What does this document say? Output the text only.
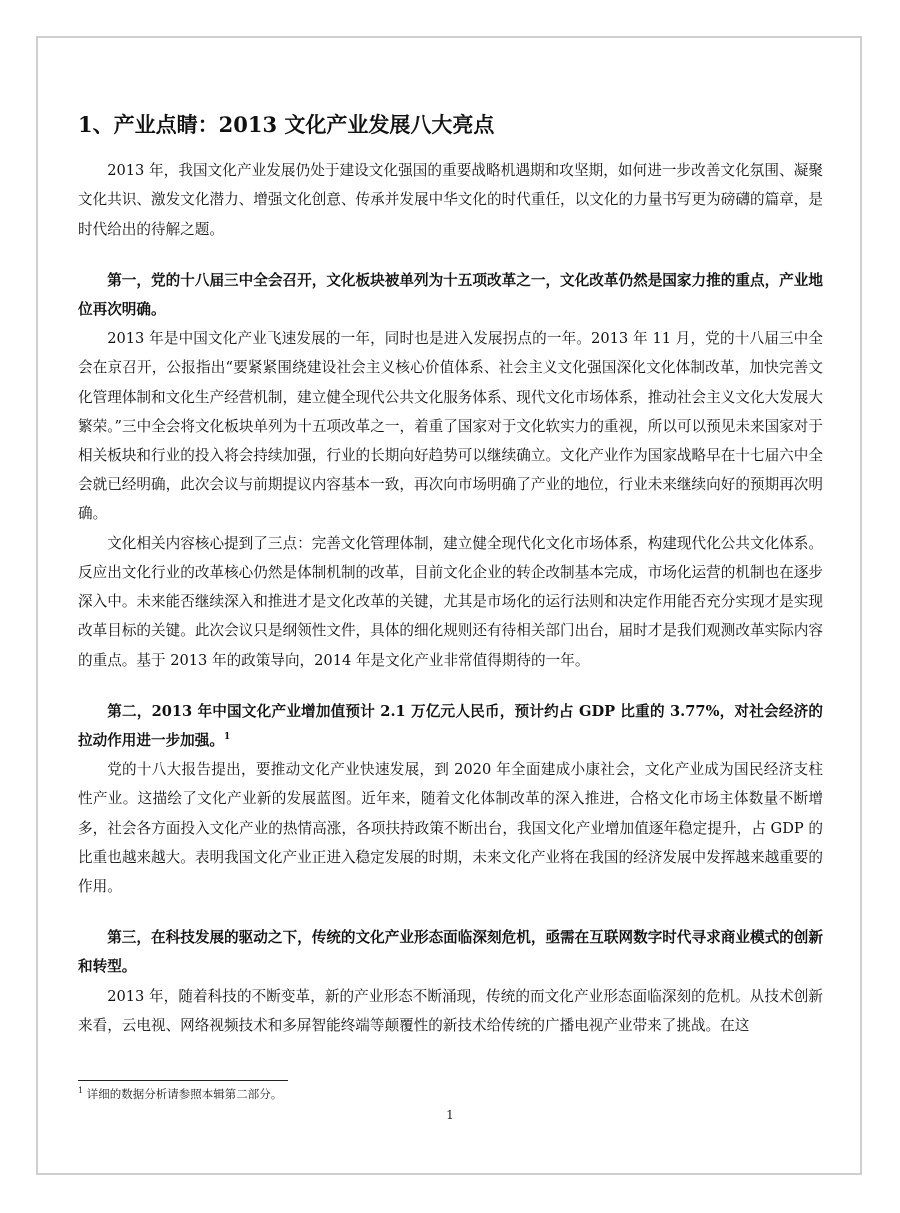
1、产业点睛：2013 文化产业发展八大亮点

2013 年，我国文化产业发展仍处于建设文化强国的重要战略机遇期和攻坚期，如何进一步改善文化氛围、凝聚文化共识、激发文化潜力、增强文化创意、传承并发展中华文化的时代重任，以文化的力量书写更为磅礴的篇章，是时代给出的待解之题。

第一，党的十八届三中全会召开，文化板块被单列为十五项改革之一，文化改革仍然是国家力推的重点，产业地位再次明确。

2013 年是中国文化产业飞速发展的一年，同时也是进入发展拐点的一年。2013 年 11 月，党的十八届三中全会在京召开，公报指出“要紧紧围绕建设社会主义核心价值体系、社会主义文化强国深化文化体制改革，加快完善文化管理体制和文化生产经营机制，建立健全现代公共文化服务体系、现代文化市场体系，推动社会主义文化大发展大繁荣。”三中全会将文化板块单列为十五项改革之一，着重了国家对于文化软实力的重视，所以可以预见未来国家对于相关板块和行业的投入将会持续加强，行业的长期向好趋势可以继续确立。文化产业作为国家战略早在十七届六中全会就已经明确，此次会议与前期提议内容基本一致，再次向市场明确了产业的地位，行业未来继续向好的预期再次明确。

文化相关内容核心提到了三点：完善文化管理体制，建立健全现代化文化市场体系，构建现代化公共文化体系。反应出文化行业的改革核心仍然是体制机制的改革，目前文化企业的转企改制基本完成，市场化运营的机制也在逐步深入中。未来能否继续深入和推进才是文化改革的关键，尤其是市场化的运行法则和决定作用能否充分实现才是实现改革目标的关键。此次会议只是纲领性文件，具体的细化规则还有待相关部门出台，届时才是我们观测改革实际内容的重点。基于 2013 年的政策导向，2014 年是文化产业非常值得期待的一年。

第二，2013 年中国文化产业增加值预计 2.1 万亿元人民币，预计约占 GDP 比重的 3.77%，对社会经济的拉动作用进一步加强。$^1$

党的十八大报告提出，要推动文化产业快速发展，到 2020 年全面建成小康社会，文化产业成为国民经济支柱性产业。这描绘了文化产业新的发展蓝图。近年来，随着文化体制改革的深入推进，合格文化市场主体数量不断增多，社会各方面投入文化产业的热情高涨，各项扶持政策不断出台，我国文化产业增加值逐年稳定提升，占 GDP 的比重也越来越大。表明我国文化产业正进入稳定发展的时期，未来文化产业将在我国的经济发展中发挥越来越重要的作用。

第三，在科技发展的驱动之下，传统的文化产业形态面临深刻危机，亟需在互联网数字时代寻求商业模式的创新和转型。

2013 年，随着科技的不断变革，新的产业形态不断涌现，传统的而文化产业形态面临深刻的危机。从技术创新来看，云电视、网络视频技术和多屏智能终端等颠覆性的新技术给传统的广播电视产业带来了挑战。在这

$^1$ 详细的数据分析请参照本辑第二部分。
1
